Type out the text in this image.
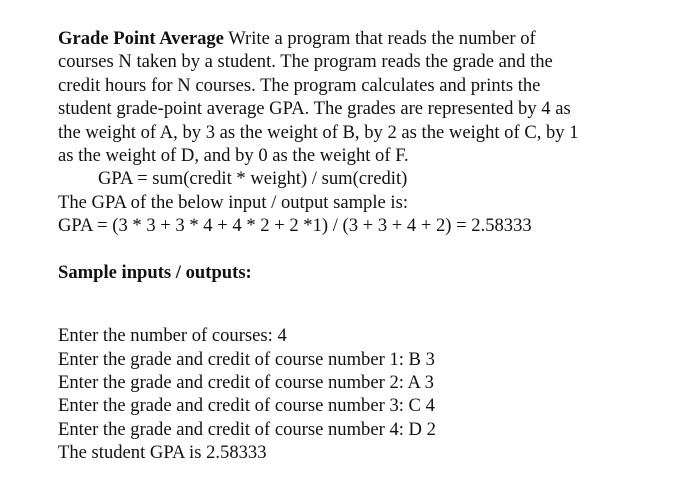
Grade Point Average Write a program that reads the number of
courses N taken by a student. The program reads the grade and the
credit hours for N courses. The program calculates and prints the
student grade-point average GPA. The grades are represented by 4 as
the weight of A, by 3 as the weight of B, by 2 as the weight of C, by 1
as the weight of D, and by 0 as the weight of F.
GPA = sum(credit * weight) / sum(credit)
The GPA of the below input / output sample is:
GPA = (3 * 3 + 3 * 4 + 4 * 2 + 2 *1) / (3 + 3 + 4 + 2) = 2.58333
Sample inputs / outputs:
Enter the number of courses: 4
Enter the grade and credit of course number 1: B 3
Enter the grade and credit of course number 2: A 3
Enter the grade and credit of course number 3: C 4
Enter the grade and credit of course number 4: D 2
The student GPA is 2.58333
